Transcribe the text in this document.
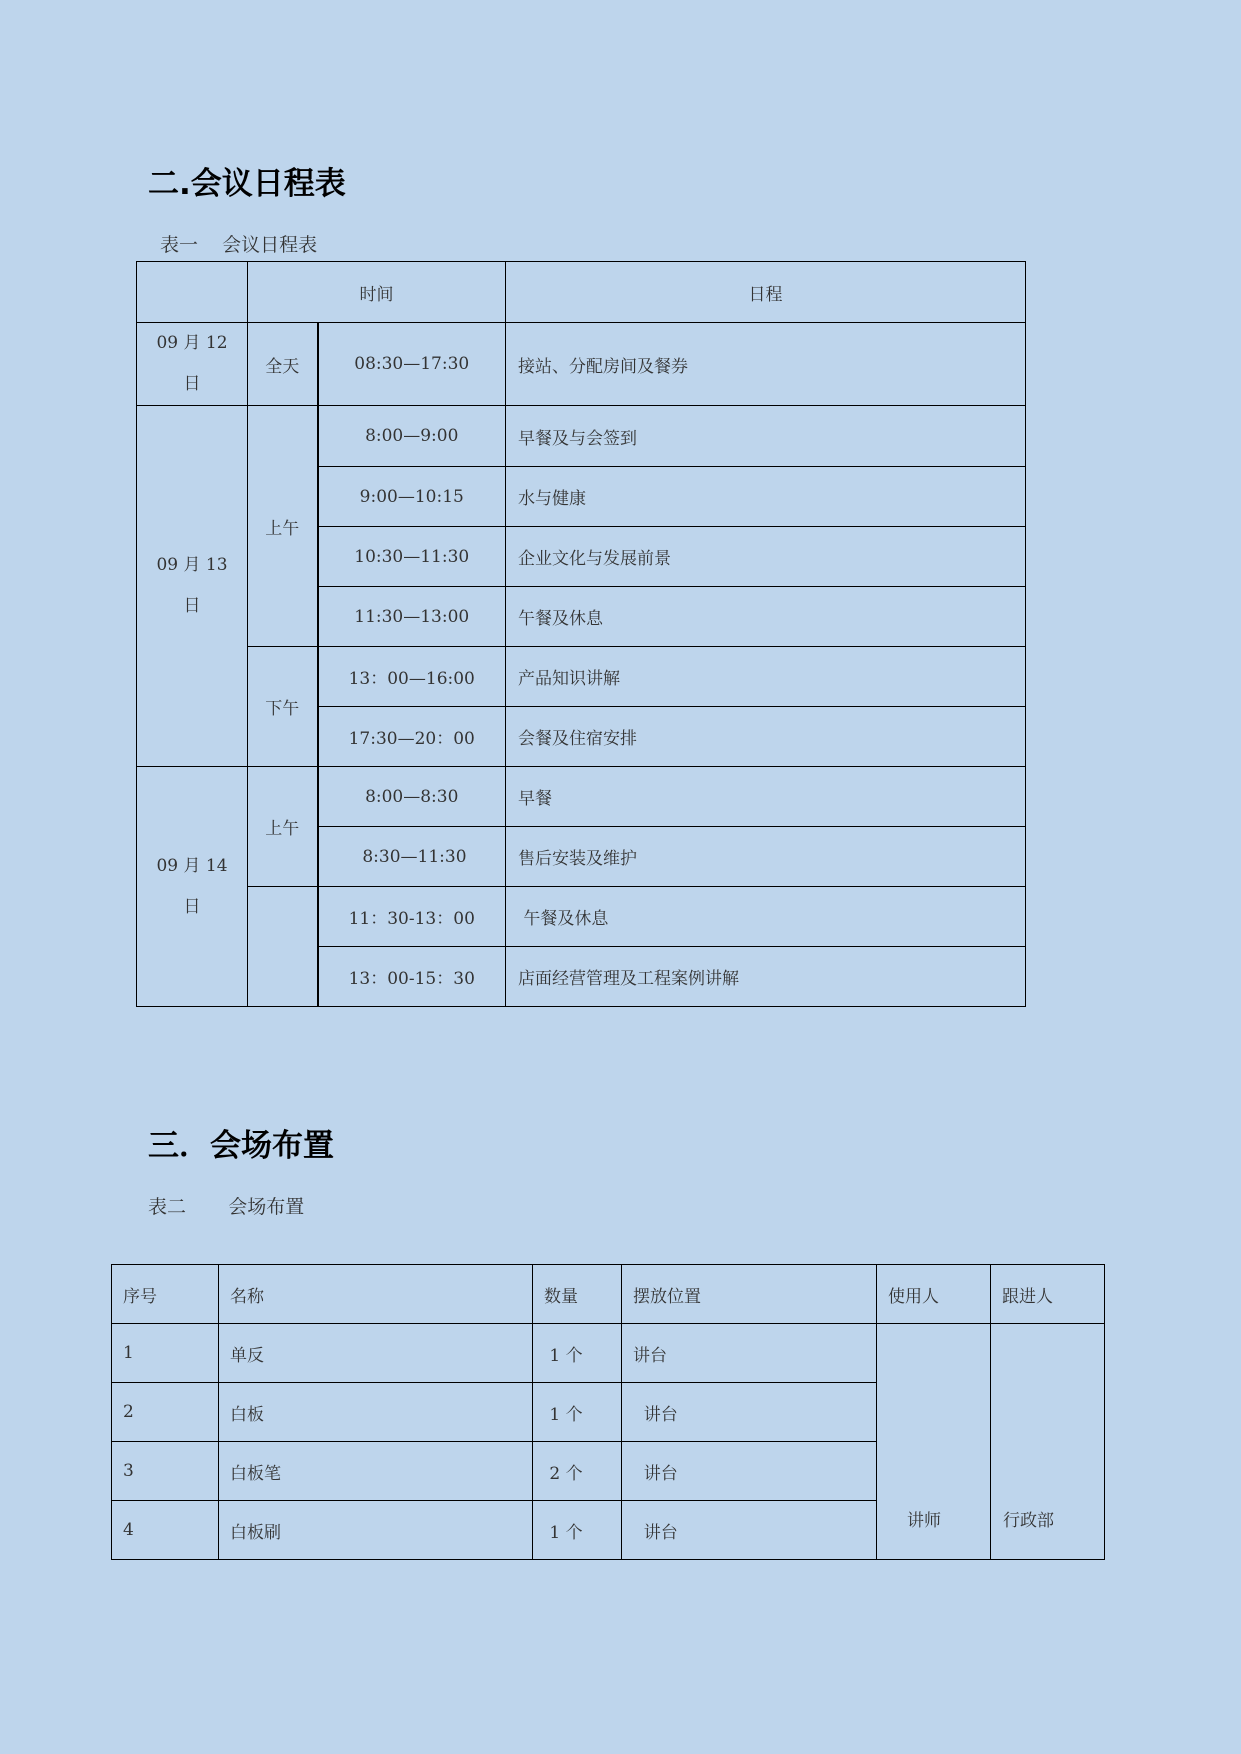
二.会议日程表
表一    会议日程表
	时间		日程
09 月 12
日	全天	08:30—17:30	接站、分配房间及餐券
09 月 13
日	上午	8:00—9:00	早餐及与会签到
		9:00—10:15	水与健康
		10:30—11:30	企业文化与发展前景
		11:30—13:00	午餐及休息
	下午	13：00—16:00	产品知识讲解
		17:30—20：00	会餐及住宿安排
09 月 14
日	上午	8:00—8:30	早餐
		8:30—11:30	售后安装及维护
		11：30-13：00	午餐及休息
		13：00-15：30	店面经营管理及工程案例讲解
三．会场布置
表二       会场布置
序号	名称	数量	摆放位置	使用人	跟进人
1	单反	1 个	讲台	讲师	行政部
2	白板	1 个	讲台		
3	白板笔	2 个	讲台		
4	白板刷	1 个	讲台		
